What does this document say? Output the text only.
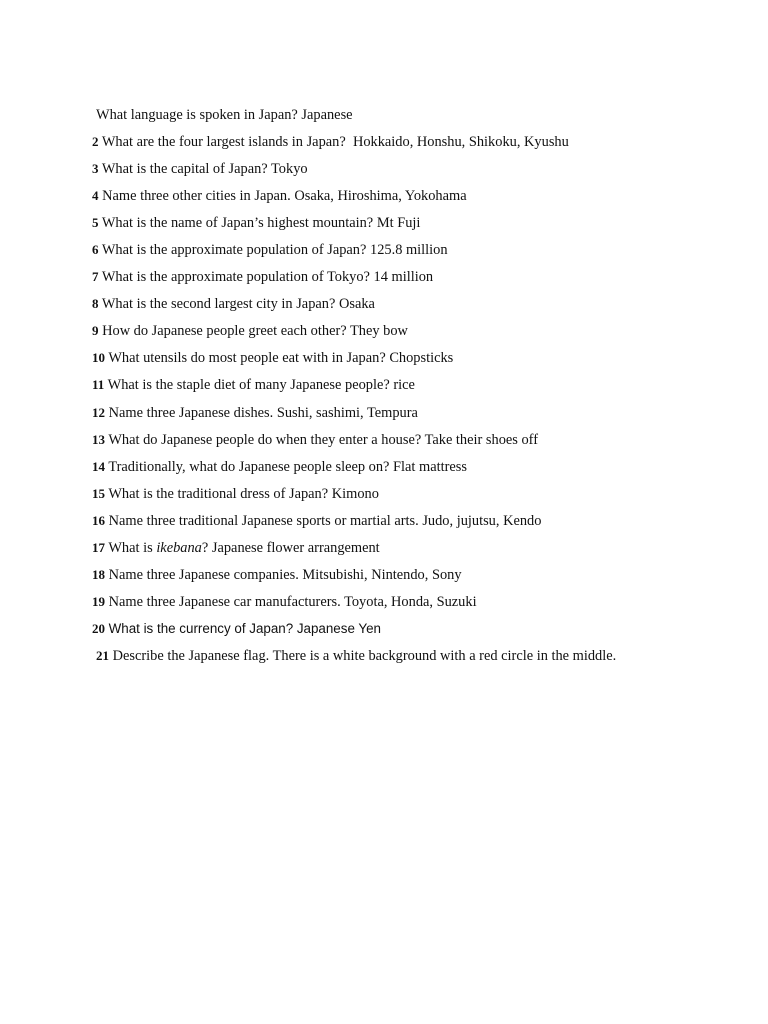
What language is spoken in Japan? Japanese
2 What are the four largest islands in Japan? Hokkaido, Honshu, Shikoku, Kyushu
3 What is the capital of Japan? Tokyo
4 Name three other cities in Japan. Osaka, Hiroshima, Yokohama
5 What is the name of Japan’s highest mountain? Mt Fuji
6 What is the approximate population of Japan? 125.8 million
7 What is the approximate population of Tokyo? 14 million
8 What is the second largest city in Japan? Osaka
9 How do Japanese people greet each other? They bow
10 What utensils do most people eat with in Japan? Chopsticks
11 What is the staple diet of many Japanese people? rice
12 Name three Japanese dishes. Sushi, sashimi, Tempura
13 What do Japanese people do when they enter a house? Take their shoes off
14 Traditionally, what do Japanese people sleep on? Flat mattress
15 What is the traditional dress of Japan? Kimono
16 Name three traditional Japanese sports or martial arts. Judo, jujutsu, Kendo
17 What is ikebana? Japanese flower arrangement
18 Name three Japanese companies. Mitsubishi, Nintendo, Sony
19 Name three Japanese car manufacturers. Toyota, Honda, Suzuki
20 What is the currency of Japan? Japanese Yen
21 Describe the Japanese flag. There is a white background with a red circle in the middle.
